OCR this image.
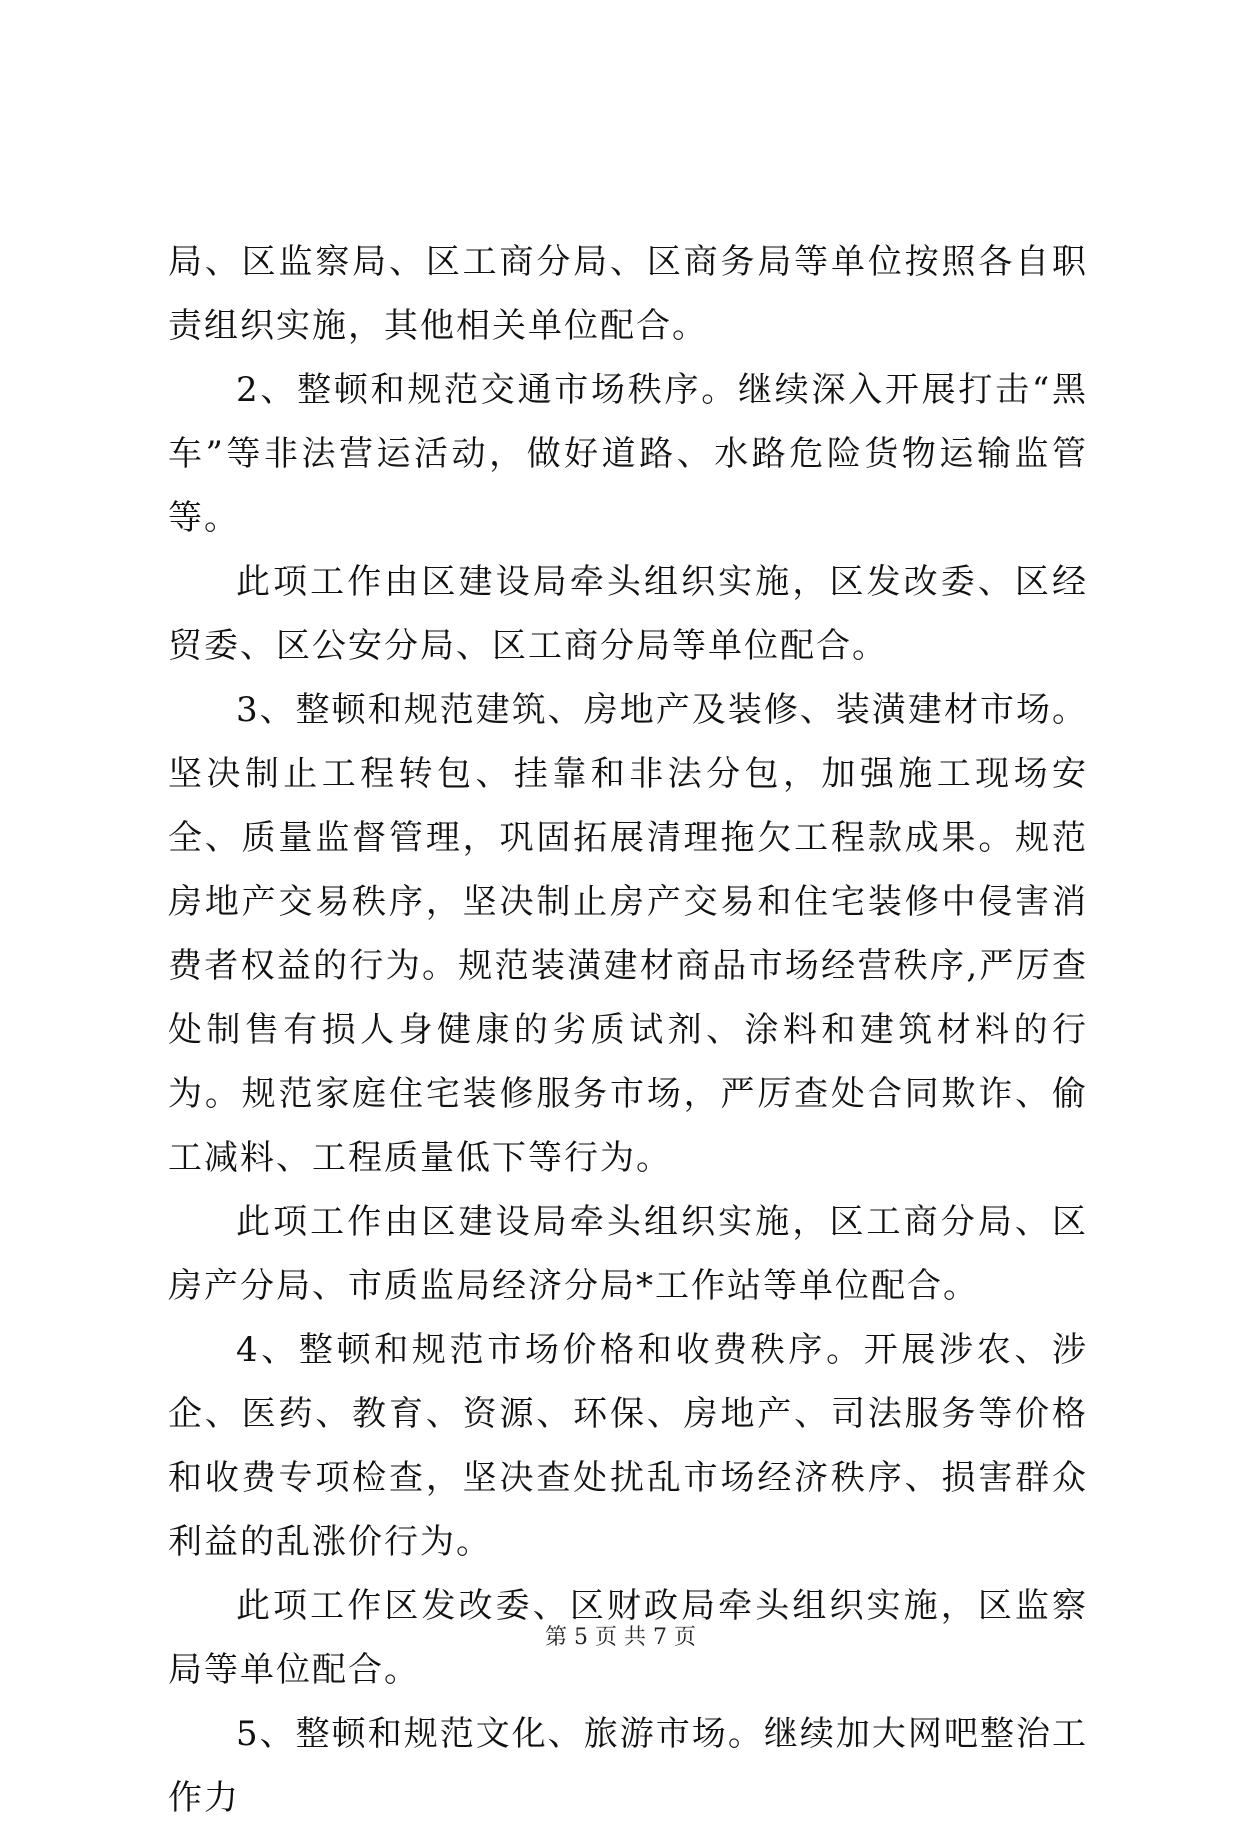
局、区监察局、区工商分局、区商务局等单位按照各自职责组织实施，其他相关单位配合。

2、整顿和规范交通市场秩序。继续深入开展打击“黑车”等非法营运活动，做好道路、水路危险货物运输监管等。

此项工作由区建设局牵头组织实施，区发改委、区经贸委、区公安分局、区工商分局等单位配合。

3、整顿和规范建筑、房地产及装修、装潢建材市场。坚决制止工程转包、挂靠和非法分包，加强施工现场安全、质量监督管理，巩固拓展清理拖欠工程款成果。规范房地产交易秩序，坚决制止房产交易和住宅装修中侵害消费者权益的行为。规范装潢建材商品市场经营秩序,严厉查处制售有损人身健康的劣质试剂、涂料和建筑材料的行为。规范家庭住宅装修服务市场，严厉查处合同欺诈、偷工减料、工程质量低下等行为。

此项工作由区建设局牵头组织实施，区工商分局、区房产分局、市质监局经济分局*工作站等单位配合。

4、整顿和规范市场价格和收费秩序。开展涉农、涉企、医药、教育、资源、环保、房地产、司法服务等价格和收费专项检查，坚决查处扰乱市场经济秩序、损害群众利益的乱涨价行为。

此项工作区发改委、区财政局牵头组织实施，区监察局等单位配合。

5、整顿和规范文化、旅游市场。继续加大网吧整治工作力

第 5 页 共 7 页
